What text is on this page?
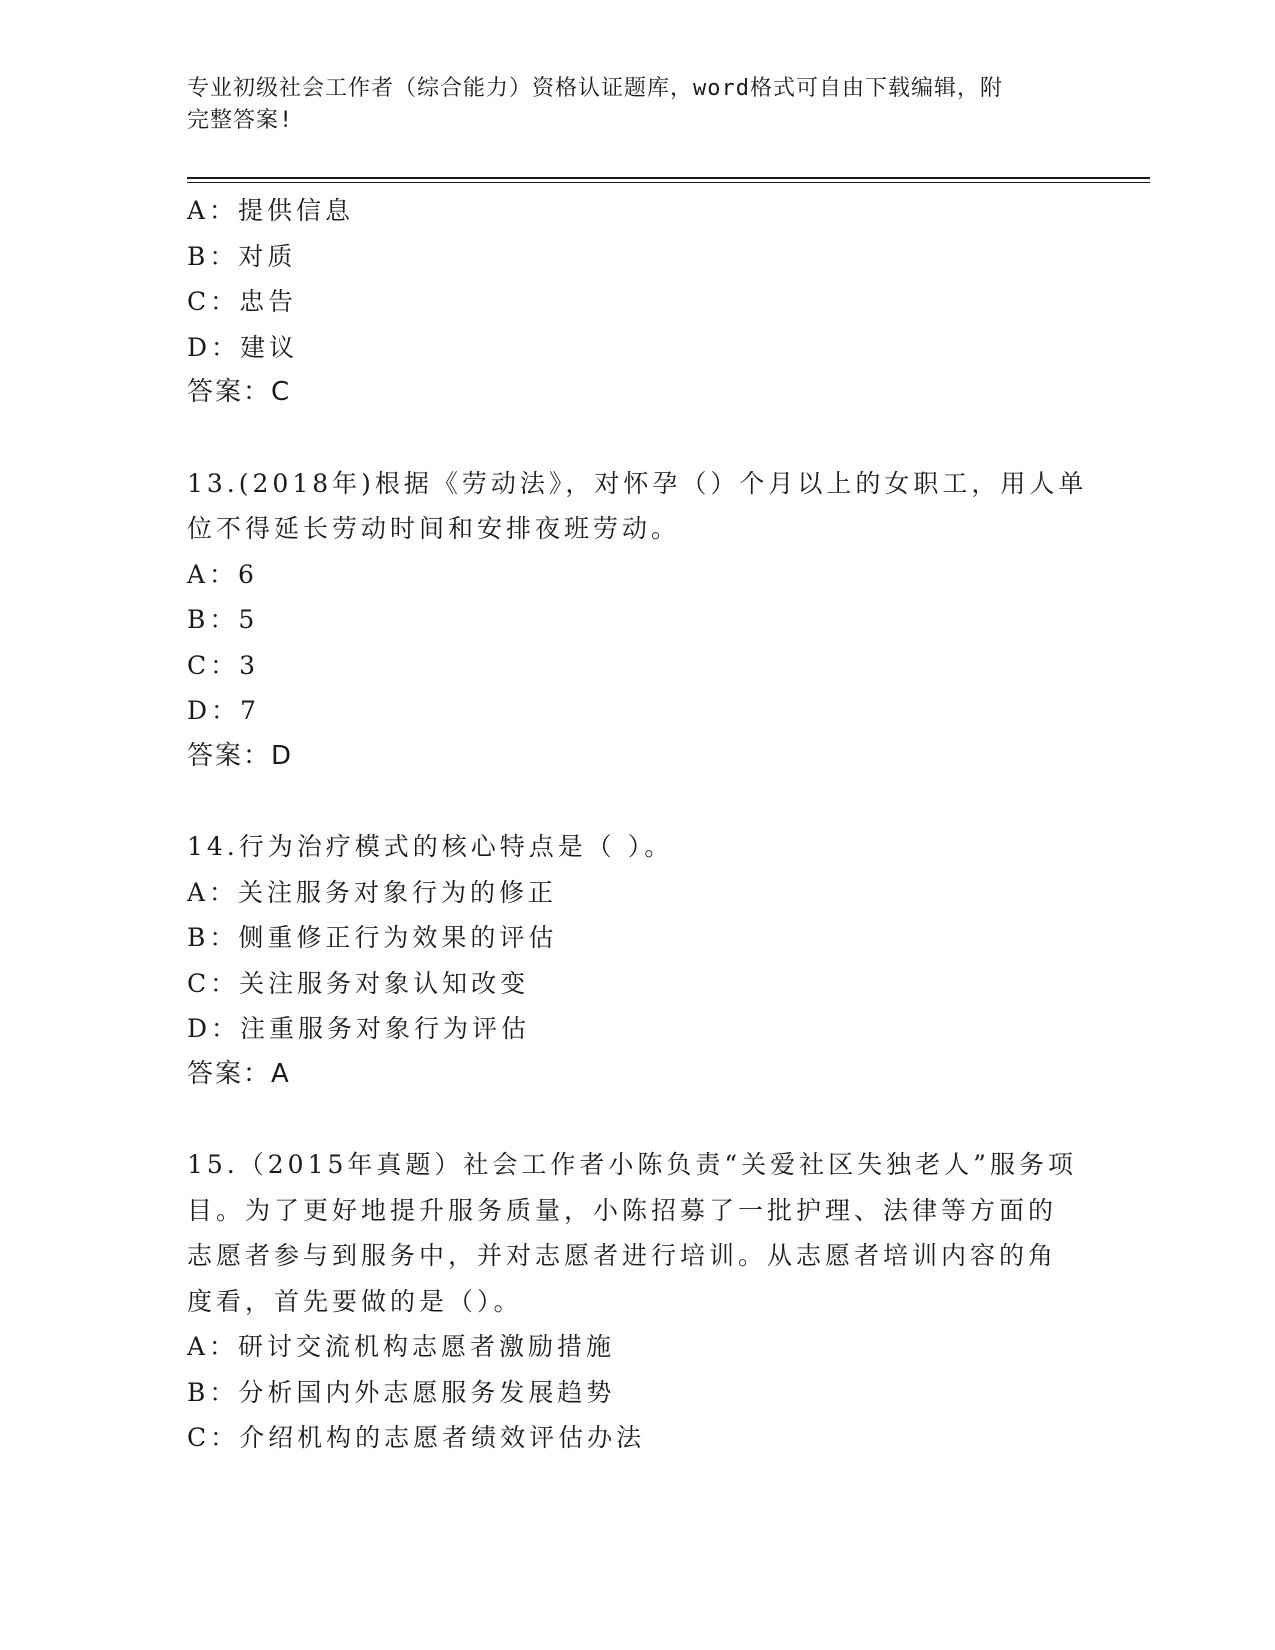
专业初级社会工作者（综合能力）资格认证题库，word格式可自由下载编辑，附
完整答案!
A：提供信息
B：对质
C：忠告
D：建议
答案：C
13.(2018年)根据《劳动法》，对怀孕（）个月以上的女职工，用人单
位不得延长劳动时间和安排夜班劳动。
A：6
B：5
C：3
D：7
答案：D
14.行为治疗模式的核心特点是（ ）。
A：关注服务对象行为的修正
B：侧重修正行为效果的评估
C：关注服务对象认知改变
D：注重服务对象行为评估
答案：A
15.（2015年真题）社会工作者小陈负责“关爱社区失独老人”服务项
目。为了更好地提升服务质量，小陈招募了一批护理、法律等方面的
志愿者参与到服务中，并对志愿者进行培训。从志愿者培训内容的角
度看，首先要做的是（）。
A：研讨交流机构志愿者激励措施
B：分析国内外志愿服务发展趋势
C：介绍机构的志愿者绩效评估办法
